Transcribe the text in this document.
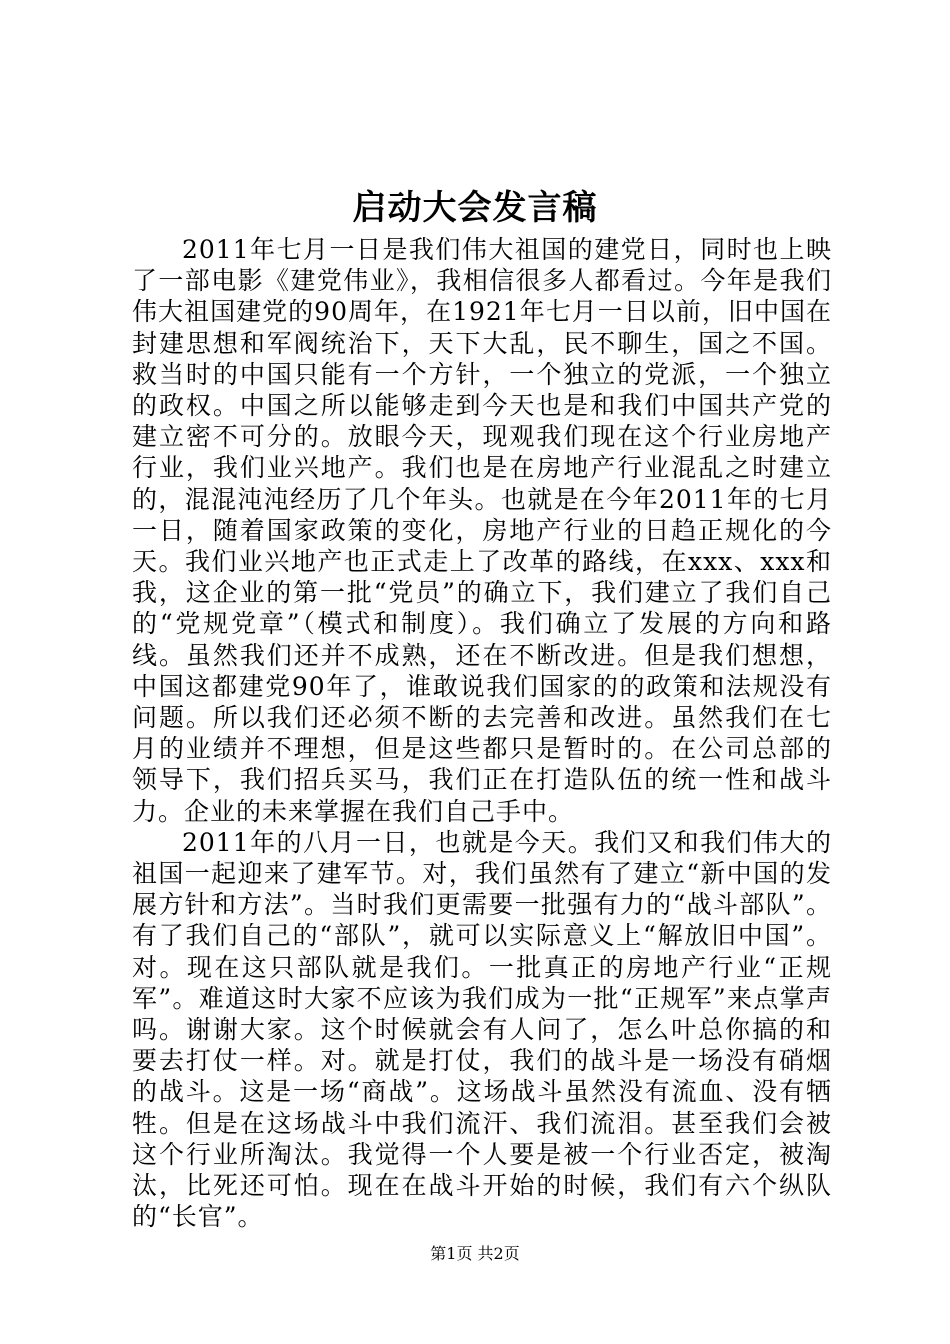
启动大会发言稿

2011年七月一日是我们伟大祖国的建党日，同时也上映了一部电影《建党伟业》，我相信很多人都看过。今年是我们伟大祖国建党的90周年，在1921年七月一日以前，旧中国在封建思想和军阀统治下，天下大乱，民不聊生，国之不国。救当时的中国只能有一个方针，一个独立的党派，一个独立的政权。中国之所以能够走到今天也是和我们中国共产党的建立密不可分的。放眼今天，现观我们现在这个行业房地产行业，我们业兴地产。我们也是在房地产行业混乱之时建立的，混混沌沌经历了几个年头。也就是在今年2011年的七月一日，随着国家政策的变化，房地产行业的日趋正规化的今天。我们业兴地产也正式走上了改革的路线，在xxx、xxx和我，这企业的第一批“党员”的确立下，我们建立了我们自己的“党规党章”（模式和制度）。我们确立了发展的方向和路线。虽然我们还并不成熟，还在不断改进。但是我们想想，中国这都建党90年了，谁敢说我们国家的的政策和法规没有问题。所以我们还必须不断的去完善和改进。虽然我们在七月的业绩并不理想，但是这些都只是暂时的。在公司总部的领导下，我们招兵买马，我们正在打造队伍的统一性和战斗力。企业的未来掌握在我们自己手中。

2011年的八月一日，也就是今天。我们又和我们伟大的祖国一起迎来了建军节。对，我们虽然有了建立“新中国的发展方针和方法”。当时我们更需要一批强有力的“战斗部队”。有了我们自己的“部队”，就可以实际意义上“解放旧中国”。对。现在这只部队就是我们。一批真正的房地产行业“正规军”。难道这时大家不应该为我们成为一批“正规军”来点掌声吗。谢谢大家。这个时候就会有人问了，怎么叶总你搞的和要去打仗一样。对。就是打仗，我们的战斗是一场没有硝烟的战斗。这是一场“商战”。这场战斗虽然没有流血、没有牺牲。但是在这场战斗中我们流汗、我们流泪。甚至我们会被这个行业所淘汰。我觉得一个人要是被一个行业否定，被淘汰，比死还可怕。现在在战斗开始的时候，我们有六个纵队的“长官”。

第1页 共2页
